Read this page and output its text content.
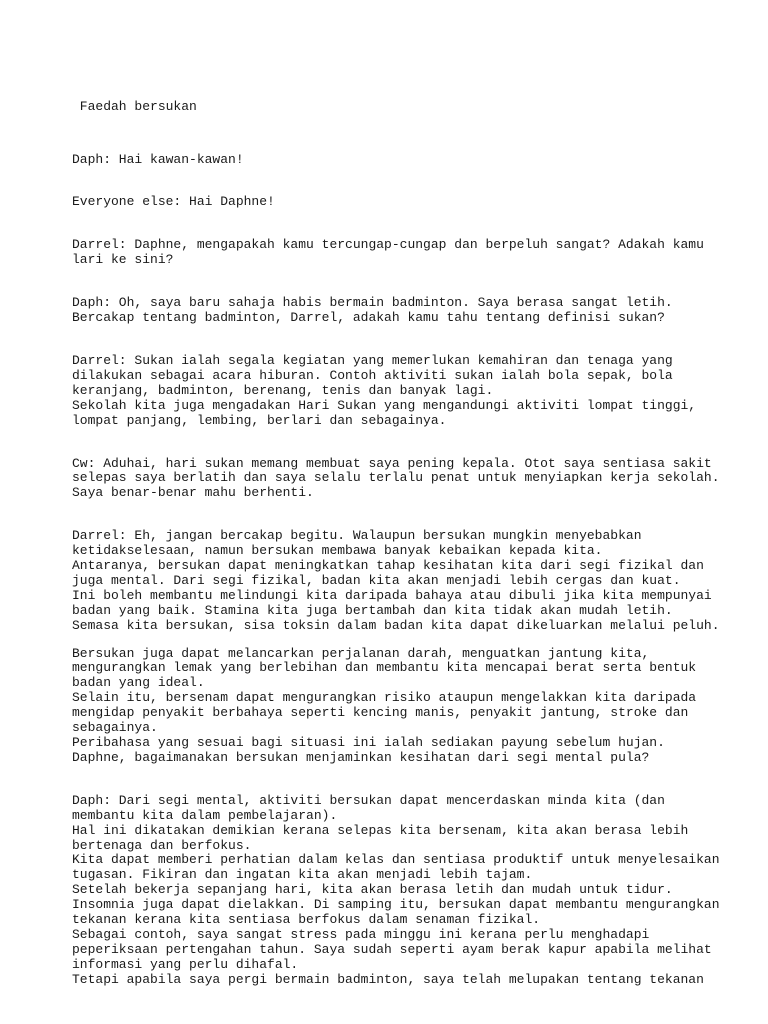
Faedah bersukan

Daph: Hai kawan-kawan!
Everyone else: Hai Daphne!
Darrel: Daphne, mengapakah kamu tercungap-cungap dan berpeluh sangat? Adakah kamu
lari ke sini?
Daph: Oh, saya baru sahaja habis bermain badminton. Saya berasa sangat letih.
Bercakap tentang badminton, Darrel, adakah kamu tahu tentang definisi sukan?
Darrel: Sukan ialah segala kegiatan yang memerlukan kemahiran dan tenaga yang
dilakukan sebagai acara hiburan. Contoh aktiviti sukan ialah bola sepak, bola
keranjang, badminton, berenang, tenis dan banyak lagi.
Sekolah kita juga mengadakan Hari Sukan yang mengandungi aktiviti lompat tinggi,
lompat panjang, lembing, berlari dan sebagainya.
Cw: Aduhai, hari sukan memang membuat saya pening kepala. Otot saya sentiasa sakit
selepas saya berlatih dan saya selalu terlalu penat untuk menyiapkan kerja sekolah.
Saya benar-benar mahu berhenti.
Darrel: Eh, jangan bercakap begitu. Walaupun bersukan mungkin menyebabkan
ketidakselesaan, namun bersukan membawa banyak kebaikan kepada kita.
Antaranya, bersukan dapat meningkatkan tahap kesihatan kita dari segi fizikal dan
juga mental. Dari segi fizikal, badan kita akan menjadi lebih cergas dan kuat.
Ini boleh membantu melindungi kita daripada bahaya atau dibuli jika kita mempunyai
badan yang baik. Stamina kita juga bertambah dan kita tidak akan mudah letih.
Semasa kita bersukan, sisa toksin dalam badan kita dapat dikeluarkan melalui peluh.
Bersukan juga dapat melancarkan perjalanan darah, menguatkan jantung kita,
mengurangkan lemak yang berlebihan dan membantu kita mencapai berat serta bentuk
badan yang ideal.
Selain itu, bersenam dapat mengurangkan risiko ataupun mengelakkan kita daripada
mengidap penyakit berbahaya seperti kencing manis, penyakit jantung, stroke dan
sebagainya.
Peribahasa yang sesuai bagi situasi ini ialah sediakan payung sebelum hujan.
Daphne, bagaimanakan bersukan menjaminkan kesihatan dari segi mental pula?
Daph: Dari segi mental, aktiviti bersukan dapat mencerdaskan minda kita (dan
membantu kita dalam pembelajaran).
Hal ini dikatakan demikian kerana selepas kita bersenam, kita akan berasa lebih
bertenaga dan berfokus.
Kita dapat memberi perhatian dalam kelas dan sentiasa produktif untuk menyelesaikan
tugasan. Fikiran dan ingatan kita akan menjadi lebih tajam.
Setelah bekerja sepanjang hari, kita akan berasa letih dan mudah untuk tidur.
Insomnia juga dapat dielakkan. Di samping itu, bersukan dapat membantu mengurangkan
tekanan kerana kita sentiasa berfokus dalam senaman fizikal.
Sebagai contoh, saya sangat stress pada minggu ini kerana perlu menghadapi
peperiksaan pertengahan tahun. Saya sudah seperti ayam berak kapur apabila melihat
informasi yang perlu dihafal.
Tetapi apabila saya pergi bermain badminton, saya telah melupakan tentang tekanan
